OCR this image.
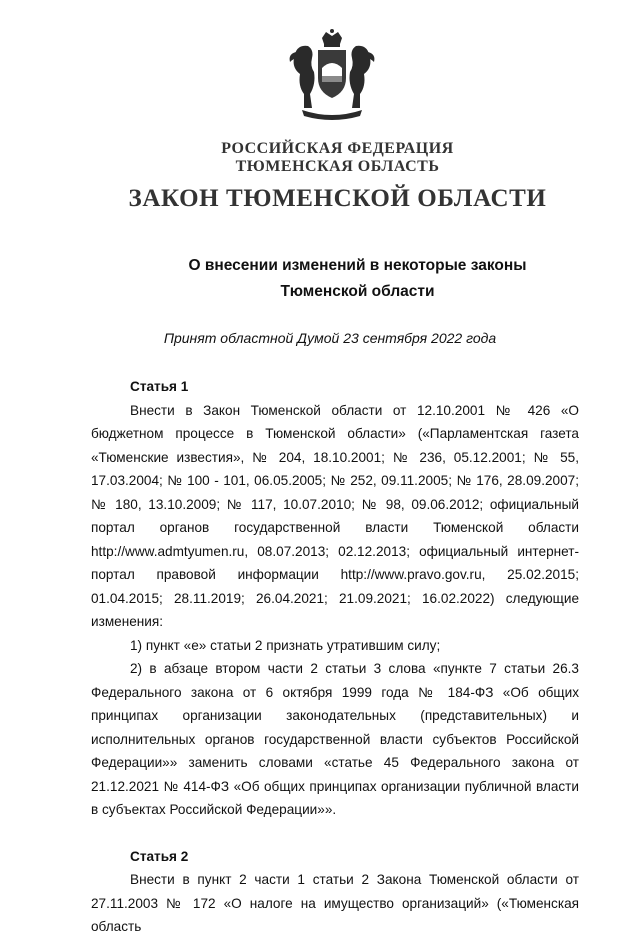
РОССИЙСКАЯ ФЕДЕРАЦИЯ
ТЮМЕНСКАЯ ОБЛАСТЬ
ЗАКОН ТЮМЕНСКОЙ ОБЛАСТИ
О внесении изменений в некоторые законы
Тюменской области
Принят областной Думой 23 сентября 2022 года

Статья 1

Внести в Закон Тюменской области от 12.10.2001 № 426 «О бюджетном процессе в Тюменской области» («Парламентская газета «Тюменские известия», № 204, 18.10.2001; № 236, 05.12.2001; № 55, 17.03.2004; № 100 - 101, 06.05.2005; № 252, 09.11.2005; № 176, 28.09.2007; № 180, 13.10.2009; № 117, 10.07.2010; № 98, 09.06.2012; официальный портал органов государственной власти Тюменской области http://www.admtyumen.ru, 08.07.2013; 02.12.2013; официальный интернет-портал правовой информации http://www.pravo.gov.ru, 25.02.2015; 01.04.2015; 28.11.2019; 26.04.2021; 21.09.2021; 16.02.2022) следующие изменения:

1) пункт «е» статьи 2 признать утратившим силу;

2) в абзаце втором части 2 статьи 3 слова «пункте 7 статьи 26.3 Федерального закона от 6 октября 1999 года № 184-ФЗ «Об общих принципах организации законодательных (представительных) и исполнительных органов государственной власти субъектов Российской Федерации»» заменить словами «статье 45 Федерального закона от 21.12.2021 № 414-ФЗ «Об общих принципах организации публичной власти в субъектах Российской Федерации»».

Статья 2

Внести в пункт 2 части 1 статьи 2 Закона Тюменской области от 27.11.2003 № 172 «О налоге на имущество организаций» («Тюменская область
